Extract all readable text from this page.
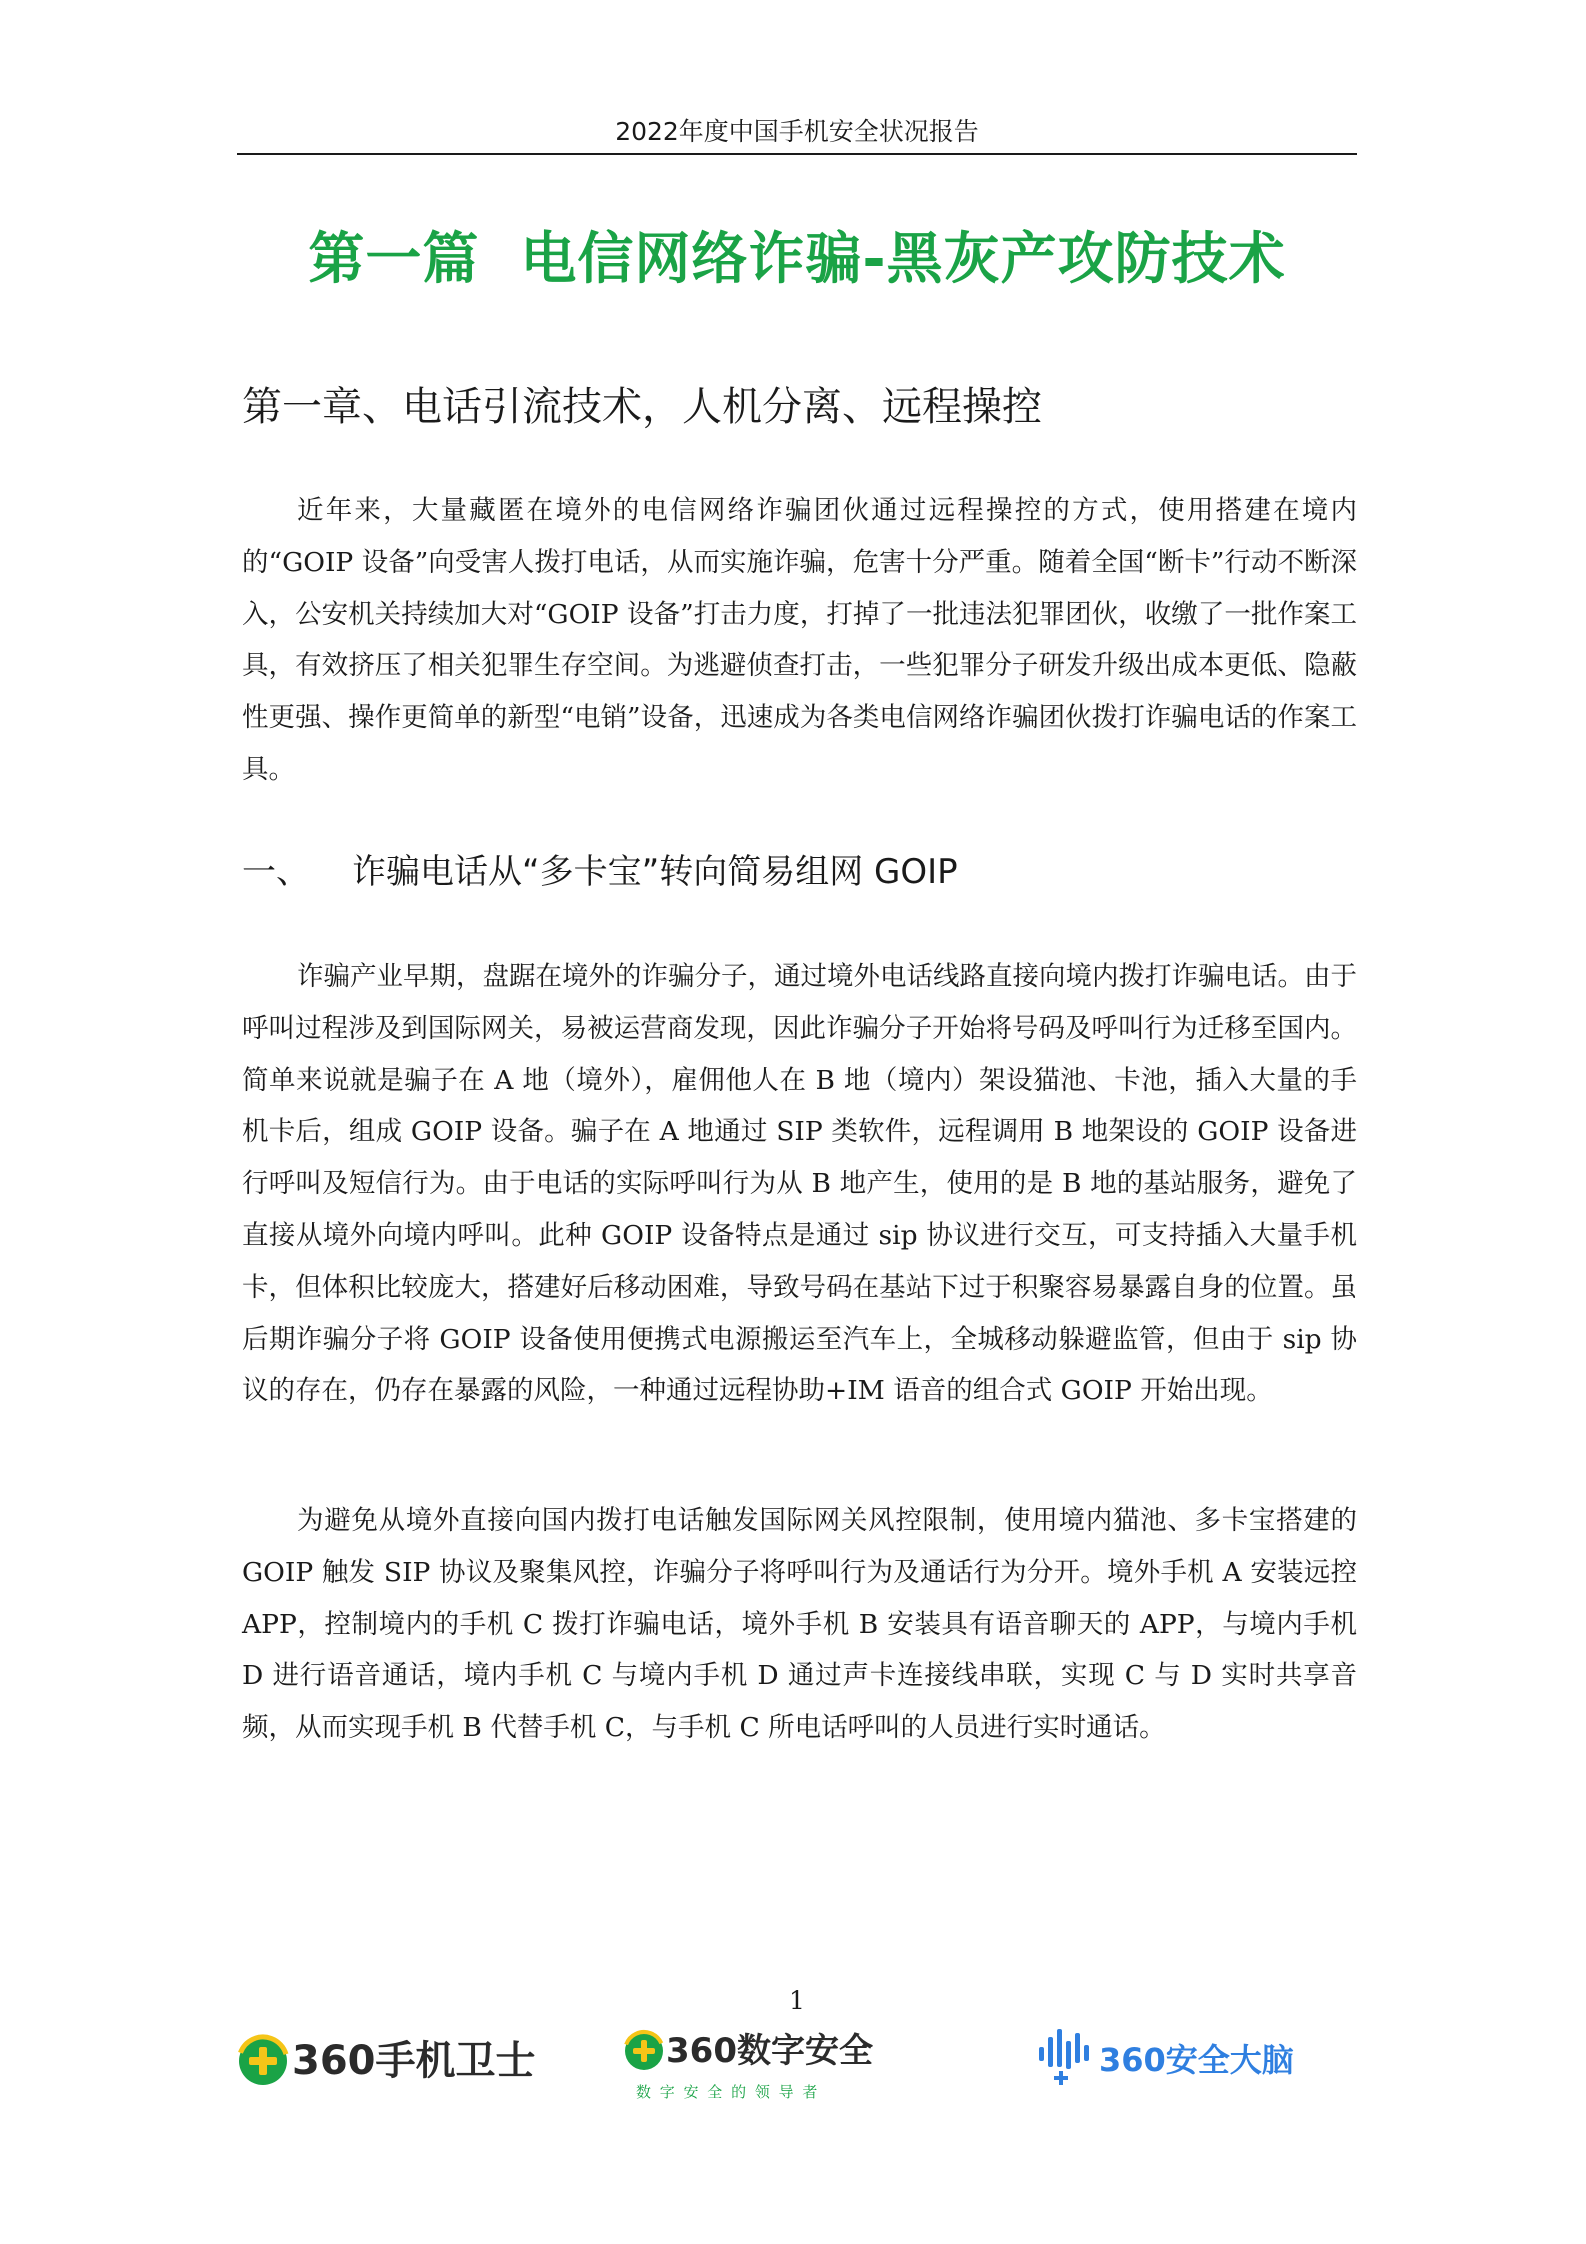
2022年度中国手机安全状况报告
第一篇  电信网络诈骗-黑灰产攻防技术
第一章、电话引流技术，人机分离、远程操控

近年来，大量藏匿在境外的电信网络诈骗团伙通过远程操控的方式，使用搭建在境内的“GOIP 设备”向受害人拨打电话，从而实施诈骗，危害十分严重。随着全国“断卡”行动不断深入，公安机关持续加大对“GOIP 设备”打击力度，打掉了一批违法犯罪团伙，收缴了一批作案工具，有效挤压了相关犯罪生存空间。为逃避侦查打击，一些犯罪分子研发升级出成本更低、隐蔽性更强、操作更简单的新型“电销”设备，迅速成为各类电信网络诈骗团伙拨打诈骗电话的作案工具。

一、 诈骗电话从“多卡宝”转向简易组网 GOIP

诈骗产业早期，盘踞在境外的诈骗分子，通过境外电话线路直接向境内拨打诈骗电话。由于呼叫过程涉及到国际网关，易被运营商发现，因此诈骗分子开始将号码及呼叫行为迁移至国内。简单来说就是骗子在 A 地（境外），雇佣他人在 B 地（境内）架设猫池、卡池，插入大量的手机卡后，组成 GOIP 设备。骗子在 A 地通过 SIP 类软件，远程调用 B 地架设的 GOIP 设备进行呼叫及短信行为。由于电话的实际呼叫行为从 B 地产生，使用的是 B 地的基站服务，避免了直接从境外向境内呼叫。此种 GOIP 设备特点是通过 sip 协议进行交互，可支持插入大量手机卡，但体积比较庞大，搭建好后移动困难，导致号码在基站下过于积聚容易暴露自身的位置。虽后期诈骗分子将 GOIP 设备使用便携式电源搬运至汽车上，全城移动躲避监管，但由于 sip 协议的存在，仍存在暴露的风险，一种通过远程协助+IM 语音的组合式 GOIP 开始出现。

为避免从境外直接向国内拨打电话触发国际网关风控限制，使用境内猫池、多卡宝搭建的 GOIP 触发 SIP 协议及聚集风控，诈骗分子将呼叫行为及通话行为分开。境外手机 A 安装远控 APP，控制境内的手机 C 拨打诈骗电话，境外手机 B 安装具有语音聊天的 APP，与境内手机 D 进行语音通话，境内手机 C 与境内手机 D 通过声卡连接线串联，实现 C 与 D 实时共享音频，从而实现手机 B 代替手机 C，与手机 C 所电话呼叫的人员进行实时通话。

1
360手机卫士	360数字安全
数 字 安 全 的 领 导 者
360安全大脑
